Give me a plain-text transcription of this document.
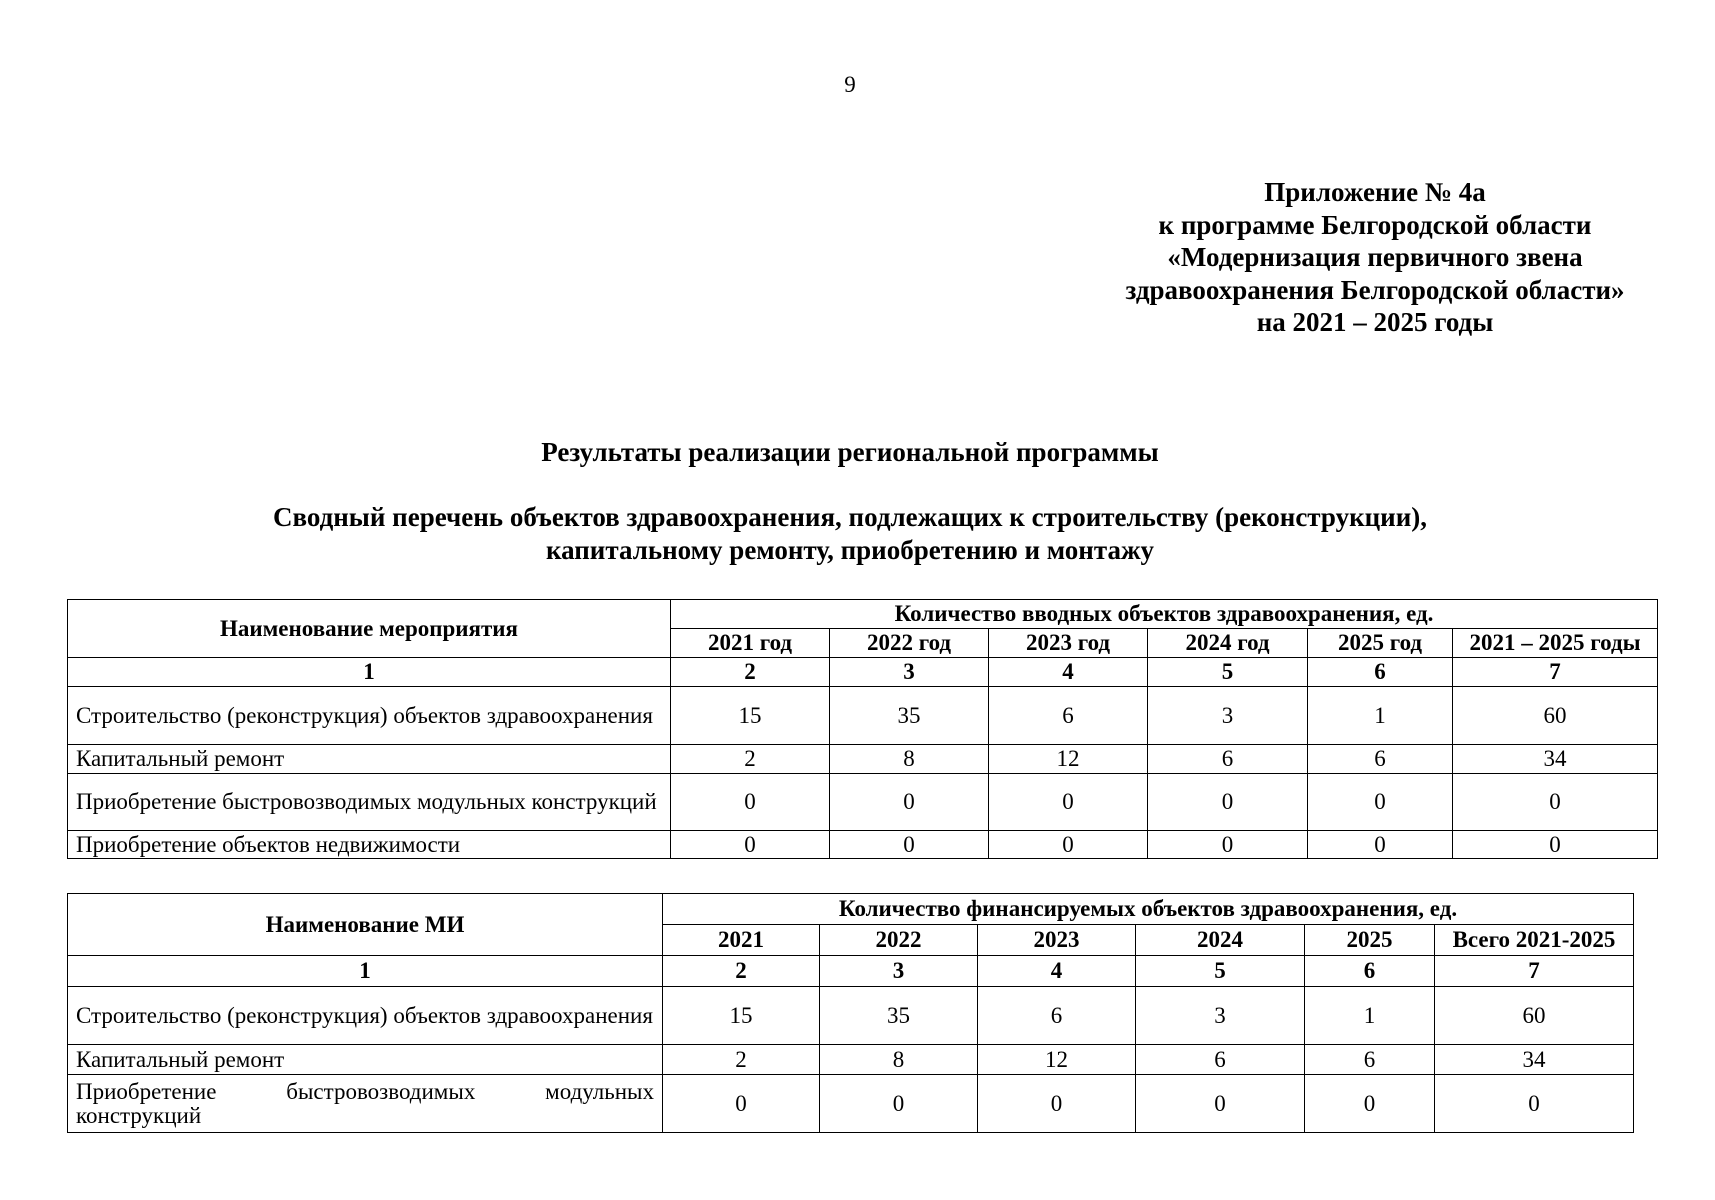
9
Приложение № 4а
к программе Белгородской области
«Модернизация первичного звена
здравоохранения Белгородской области»
на 2021 – 2025 годы
Результаты реализации региональной программы
Сводный перечень объектов здравоохранения, подлежащих к строительству (реконструкции),
капитальному ремонту, приобретению и монтажу
Наименование мероприятия	Количество вводных объектов здравоохранения, ед.					
	2021 год	2022 год	2023 год	2024 год	2025 год	2021 – 2025 годы
1	2	3	4	5	6	7
Строительство (реконструкция) объектов здравоохранения	15	35	6	3	1	60
Капитальный ремонт	2	8	12	6	6	34
Приобретение быстровозводимых модульных конструкций	0	0	0	0	0	0
Приобретение объектов недвижимости	0	0	0	0	0	0
Наименование МИ	Количество финансируемых объектов здравоохранения, ед.					
	2021	2022	2023	2024	2025	Всего 2021-2025
1	2	3	4	5	6	7
Строительство (реконструкция) объектов здравоохранения	15	35	6	3	1	60
Капитальный ремонт	2	8	12	6	6	34
Приобретение быстровозводимых модульных конструкций	0	0	0	0	0	0
